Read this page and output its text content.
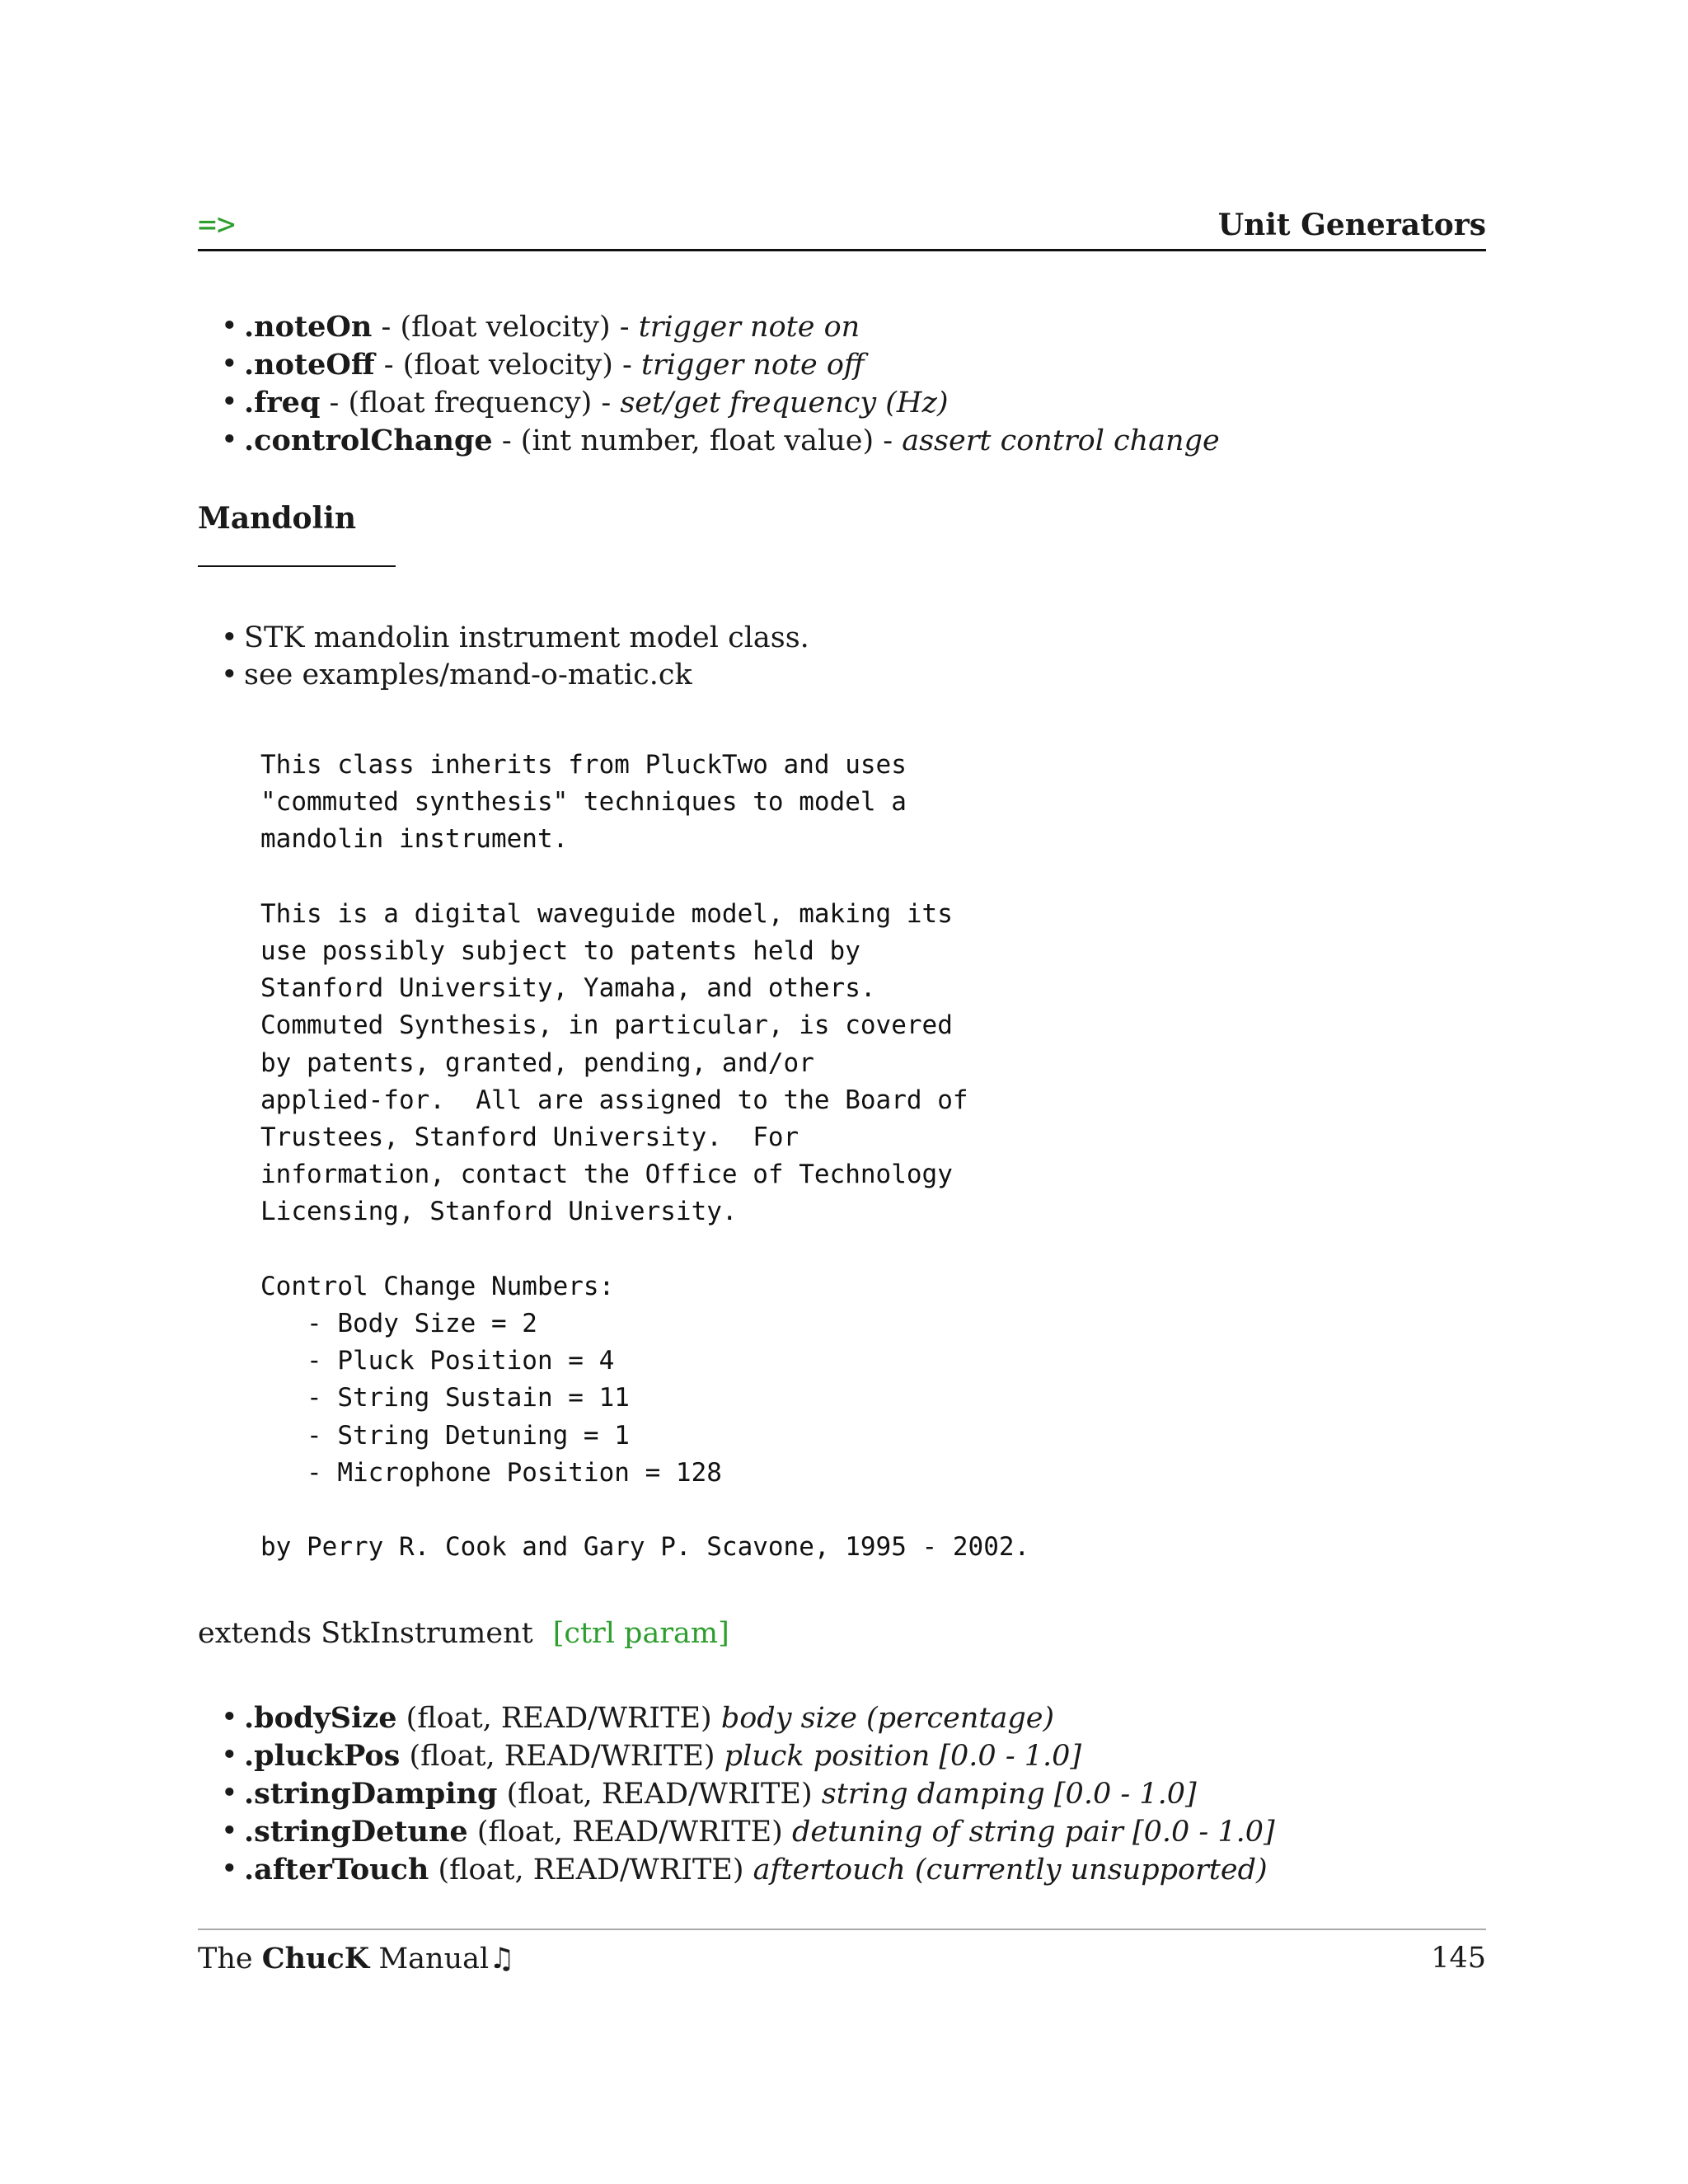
=>	Unit Generators
• .noteOn - (float velocity) - trigger note on
• .noteOff - (float velocity) - trigger note off
• .freq - (float frequency) - set/get frequency (Hz)
• .controlChange - (int number, float value) - assert control change
Mandolin
• STK mandolin instrument model class.
• see examples/mand-o-matic.ck
This class inherits from PluckTwo and uses
"commuted synthesis" techniques to model a
mandolin instrument.

This is a digital waveguide model, making its
use possibly subject to patents held by
Stanford University, Yamaha, and others.
Commuted Synthesis, in particular, is covered
by patents, granted, pending, and/or
applied-for.  All are assigned to the Board of
Trustees, Stanford University.  For
information, contact the Office of Technology
Licensing, Stanford University.

Control Change Numbers:
- Body Size = 2
- Pluck Position = 4
- String Sustain = 11
- String Detuning = 1
- Microphone Position = 128

by Perry R. Cook and Gary P. Scavone, 1995 - 2002.
extends StkInstrument [ctrl param]
• .bodySize (float, READ/WRITE) body size (percentage)
• .pluckPos (float, READ/WRITE) pluck position [0.0 - 1.0]
• .stringDamping (float, READ/WRITE) string damping [0.0 - 1.0]
• .stringDetune (float, READ/WRITE) detuning of string pair [0.0 - 1.0]
• .afterTouch (float, READ/WRITE) aftertouch (currently unsupported)
The ChucK Manual♫	145
